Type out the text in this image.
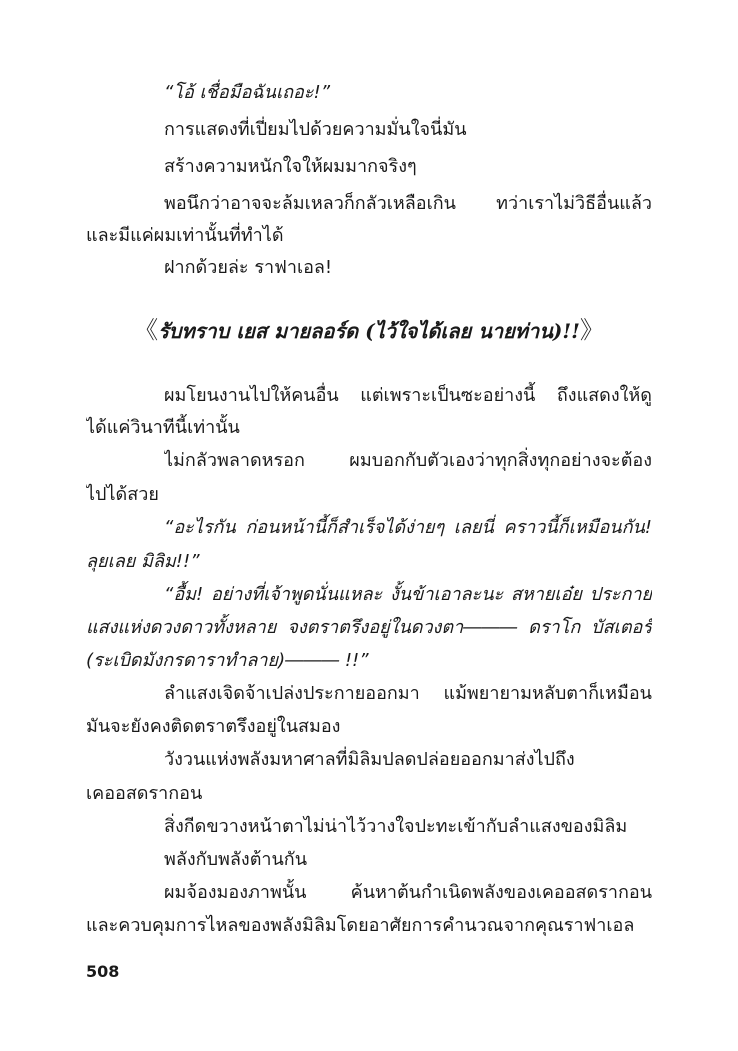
“โอ้ เชื่อมือฉันเถอะ!”
การแสดงที่เปี่ยมไปด้วยความมั่นใจนี่มัน
สร้างความหนักใจให้ผมมากจริงๆ
พอนึกว่าอาจจะล้มเหลวก็กลัวเหลือเกิน ทว่าเราไม่วิธีอื่นแล้ว
และมีแค่ผมเท่านั้นที่ทำได้
ฝากด้วยล่ะ ราฟาเอล!
《รับทราบ เยส มายลอร์ด (ไว้ใจได้เลย นายท่าน)!!》
ผมโยนงานไปให้คนอื่น แต่เพราะเป็นซะอย่างนี้ ถึงแสดงให้ดู
ได้แค่วินาทีนี้เท่านั้น
ไม่กลัวพลาดหรอก ผมบอกกับตัวเองว่าทุกสิ่งทุกอย่างจะต้อง
ไปได้สวย
“อะไรกัน ก่อนหน้านี้ก็สำเร็จได้ง่ายๆ เลยนี่ คราวนี้ก็เหมือนกัน!
ลุยเลย มิลิม!!”
“อื้ม! อย่างที่เจ้าพูดนั่นแหละ งั้นข้าเอาละนะ สหายเอ๋ย ประกาย
แสงแห่งดวงดาวทั้งหลาย จงตราตรึงอยู่ในดวงตา――― ดราโก บัสเตอร์
(ระเบิดมังกรดาราทำลาย)――― !!”
ลำแสงเจิดจ้าเปล่งประกายออกมา แม้พยายามหลับตาก็เหมือน
มันจะยังคงติดตราตรึงอยู่ในสมอง
วังวนแห่งพลังมหาศาลที่มิลิมปลดปล่อยออกมาส่งไปถึง
เคออสดรากอน
สิ่งกีดขวางหน้าตาไม่น่าไว้วางใจปะทะเข้ากับลำแสงของมิลิม
พลังกับพลังต้านกัน
ผมจ้องมองภาพนั้น ค้นหาต้นกำเนิดพลังของเคออสดรากอน
และควบคุมการไหลของพลังมิลิมโดยอาศัยการคำนวณจากคุณราฟาเอล
508
